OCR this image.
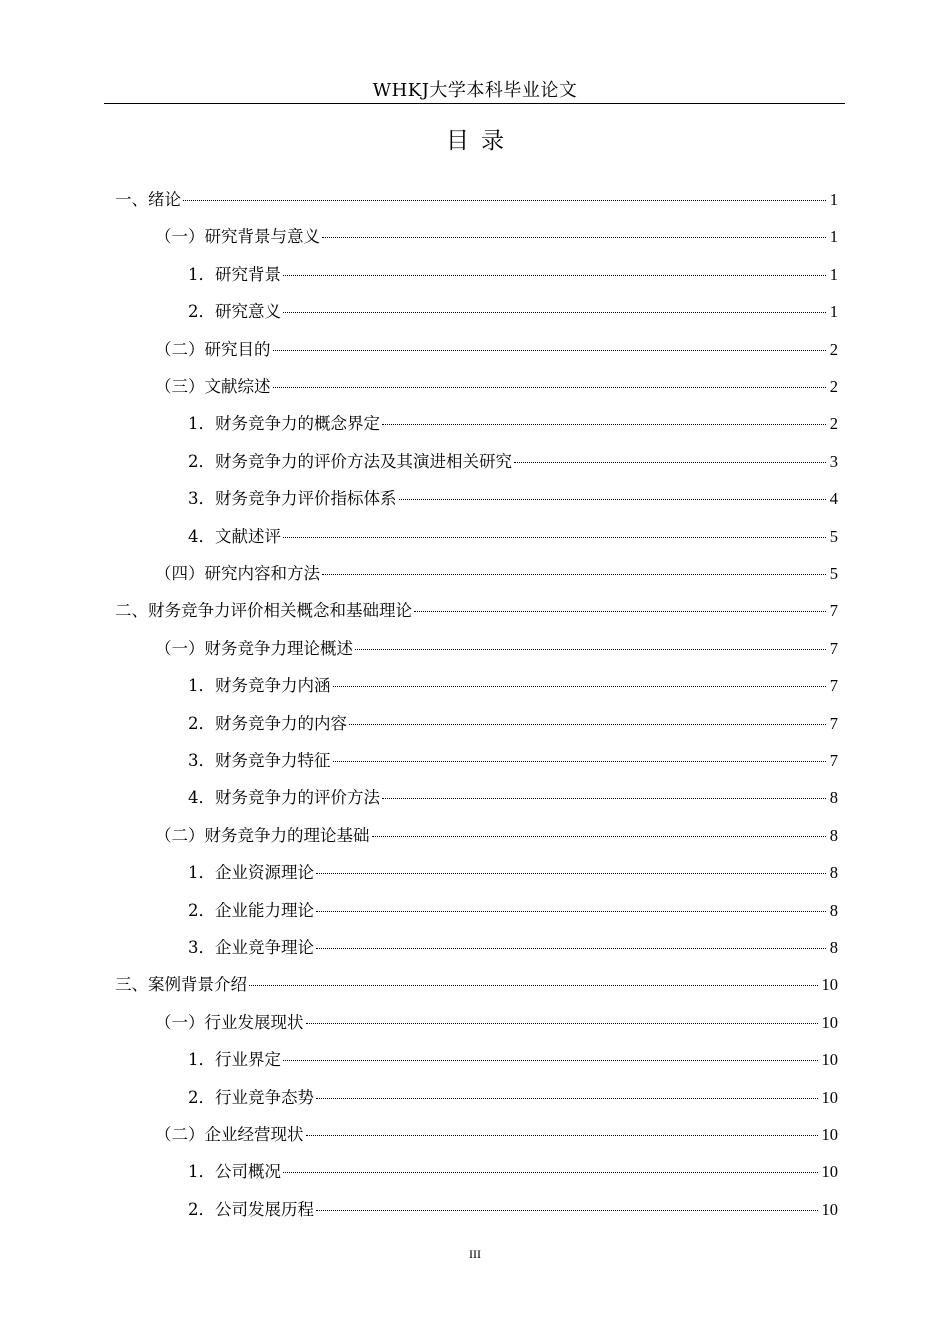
WHKJ大学本科毕业论文
目录
一、绪论	1
（一）研究背景与意义	1
1．研究背景	1
2．研究意义	1
（二）研究目的	2
（三）文献综述	2
1．财务竞争力的概念界定	2
2．财务竞争力的评价方法及其演进相关研究	3
3．财务竞争力评价指标体系	4
4．文献述评	5
（四）研究内容和方法	5
二、财务竞争力评价相关概念和基础理论	7
（一）财务竞争力理论概述	7
1．财务竞争力内涵	7
2．财务竞争力的内容	7
3．财务竞争力特征	7
4．财务竞争力的评价方法	8
（二）财务竞争力的理论基础	8
1．企业资源理论	8
2．企业能力理论	8
3．企业竞争理论	8
三、案例背景介绍	10
（一）行业发展现状	10
1．行业界定	10
2．行业竞争态势	10
（二）企业经营现状	10
1．公司概况	10
2．公司发展历程	10
III
